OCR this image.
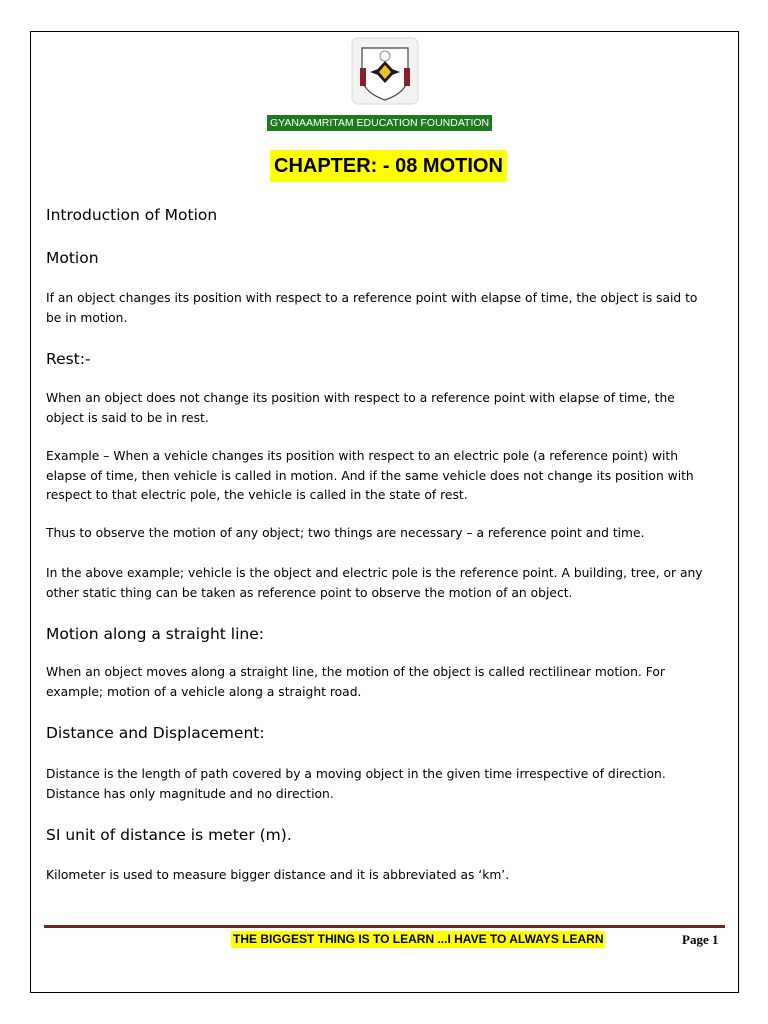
GYANAAMRITAM EDUCATION FOUNDATION
CHAPTER: - 08 MOTION
Introduction of Motion
Motion
If an object changes its position with respect to a reference point with elapse of time, the object is said to be in motion.
Rest:-
When an object does not change its position with respect to a reference point with elapse of time, the object is said to be in rest.
Example – When a vehicle changes its position with respect to an electric pole (a reference point) with elapse of time, then vehicle is called in motion. And if the same vehicle does not change its position with respect to that electric pole, the vehicle is called in the state of rest.
Thus to observe the motion of any object; two things are necessary – a reference point and time.
In the above example; vehicle is the object and electric pole is the reference point. A building, tree, or any other static thing can be taken as reference point to observe the motion of an object.
Motion along a straight line:
When an object moves along a straight line, the motion of the object is called rectilinear motion. For example; motion of a vehicle along a straight road.
Distance and Displacement:
Distance is the length of path covered by a moving object in the given time irrespective of direction. Distance has only magnitude and no direction.
SI unit of distance is meter (m).
Kilometer is used to measure bigger distance and it is abbreviated as ‘km’.
THE BIGGEST THING IS TO LEARN ...I HAVE TO ALWAYS LEARN	Page 1
